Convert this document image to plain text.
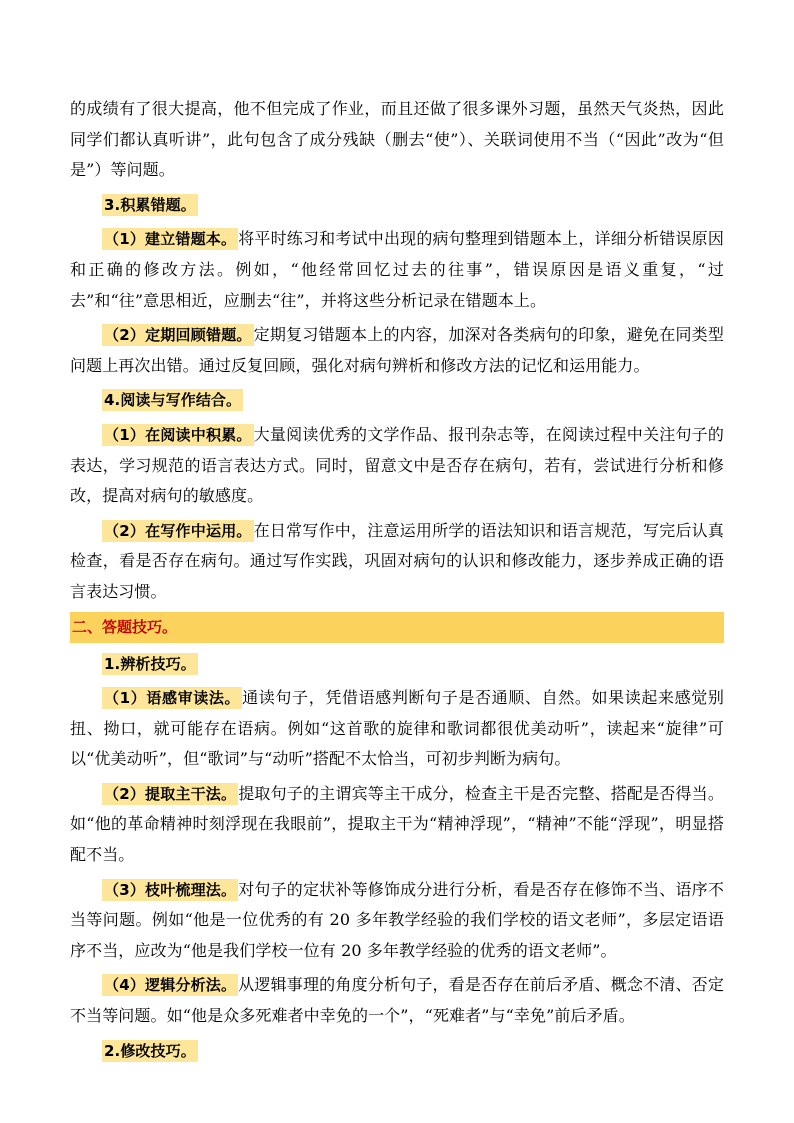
的成绩有了很大提高，他不但完成了作业，而且还做了很多课外习题，虽然天气炎热，因此同学们都认真听讲”，此句包含了成分残缺（删去“使”）、关联词使用不当（“因此”改为“但是”）等问题。

3.积累错题。

（1）建立错题本。 将平时练习和考试中出现的病句整理到错题本上，详细分析错误原因和正确的修改方法。例如，“他经常回忆过去的往事”，错误原因是语义重复，“过去”和“往”意思相近，应删去“往”，并将这些分析记录在错题本上。

（2）定期回顾错题。 定期复习错题本上的内容，加深对各类病句的印象，避免在同类型问题上再次出错。通过反复回顾，强化对病句辨析和修改方法的记忆和运用能力。

4.阅读与写作结合。

（1）在阅读中积累。 大量阅读优秀的文学作品、报刊杂志等，在阅读过程中关注句子的表达，学习规范的语言表达方式。同时，留意文中是否存在病句，若有，尝试进行分析和修改，提高对病句的敏感度。

（2）在写作中运用。 在日常写作中，注意运用所学的语法知识和语言规范，写完后认真检查，看是否存在病句。通过写作实践，巩固对病句的认识和修改能力，逐步养成正确的语言表达习惯。

二、答题技巧。

1.辨析技巧。

（1）语感审读法。 通读句子，凭借语感判断句子是否通顺、自然。如果读起来感觉别扭、拗口，就可能存在语病。例如“这首歌的旋律和歌词都很优美动听”，读起来“旋律”可以“优美动听”，但“歌词”与“动听”搭配不太恰当，可初步判断为病句。

（2）提取主干法。 提取句子的主谓宾等主干成分，检查主干是否完整、搭配是否得当。如“他的革命精神时刻浮现在我眼前”，提取主干为“精神浮现”，“精神”不能“浮现”，明显搭配不当。

（3）枝叶梳理法。 对句子的定状补等修饰成分进行分析，看是否存在修饰不当、语序不当等问题。例如“他是一位优秀的有 20 多年教学经验的我们学校的语文老师”，多层定语语序不当，应改为“他是我们学校一位有 20 多年教学经验的优秀的语文老师”。

（4）逻辑分析法。 从逻辑事理的角度分析句子，看是否存在前后矛盾、概念不清、否定不当等问题。如“他是众多死难者中幸免的一个”，“死难者”与“幸免”前后矛盾。

2.修改技巧。
